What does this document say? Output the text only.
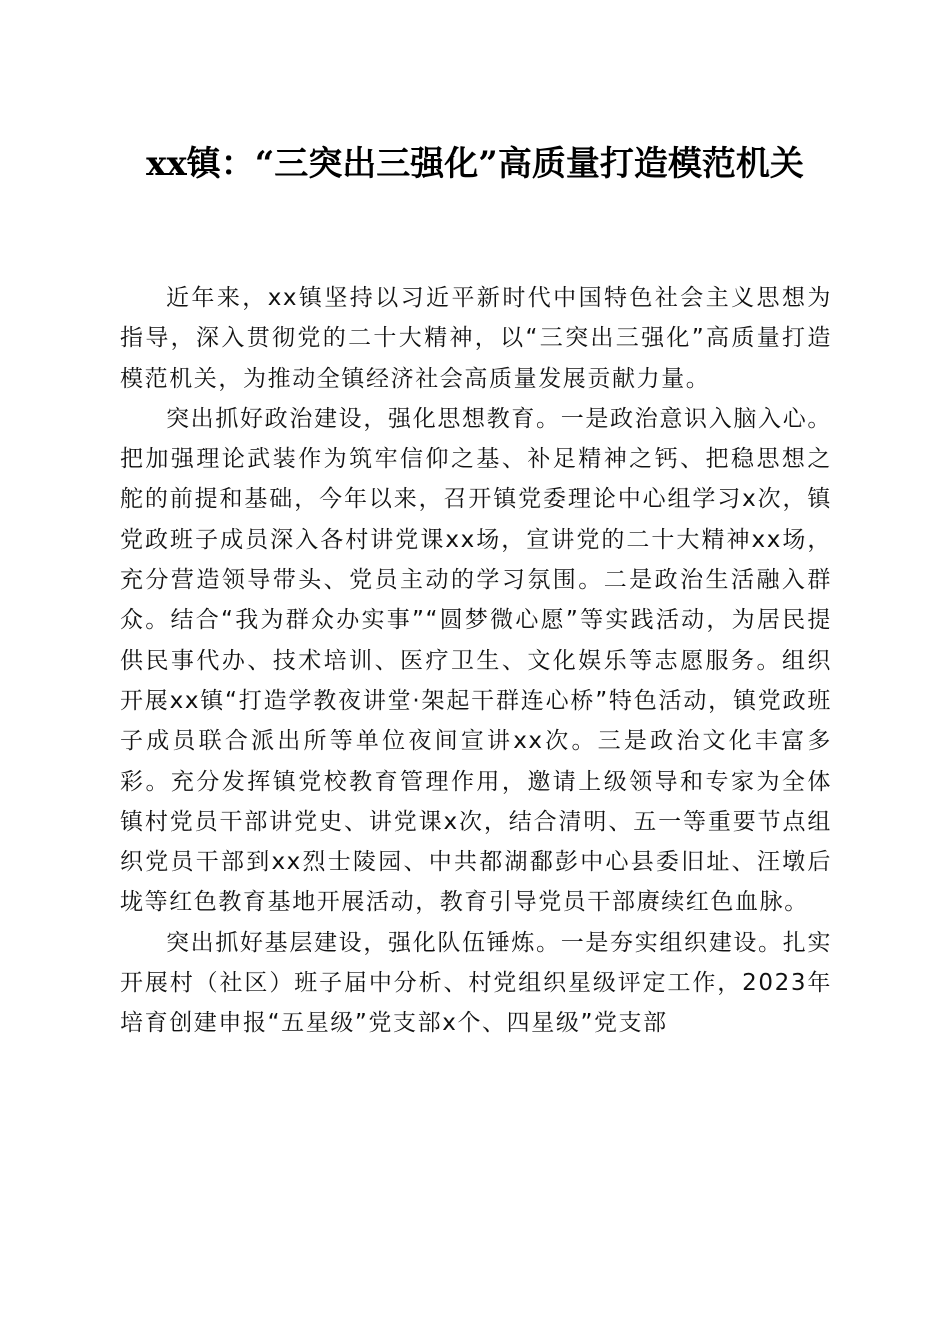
xx镇：“三突出三强化”高质量打造模范机关

近年来，xx镇坚持以习近平新时代中国特色社会主义思想为指导，深入贯彻党的二十大精神，以“三突出三强化”高质量打造模范机关，为推动全镇经济社会高质量发展贡献力量。

突出抓好政治建设，强化思想教育。一是政治意识入脑入心。把加强理论武装作为筑牢信仰之基、补足精神之钙、把稳思想之舵的前提和基础，今年以来，召开镇党委理论中心组学习x次，镇党政班子成员深入各村讲党课xx场，宣讲党的二十大精神xx场，充分营造领导带头、党员主动的学习氛围。二是政治生活融入群众。结合“我为群众办实事”“圆梦微心愿”等实践活动，为居民提供民事代办、技术培训、医疗卫生、文化娱乐等志愿服务。组织开展xx镇“打造学教夜讲堂·架起干群连心桥”特色活动，镇党政班子成员联合派出所等单位夜间宣讲xx次。三是政治文化丰富多彩。充分发挥镇党校教育管理作用，邀请上级领导和专家为全体镇村党员干部讲党史、讲党课x次，结合清明、五一等重要节点组织党员干部到xx烈士陵园、中共都湖鄱彭中心县委旧址、汪墩后垅等红色教育基地开展活动，教育引导党员干部赓续红色血脉。

突出抓好基层建设，强化队伍锤炼。一是夯实组织建设。扎实开展村（社区）班子届中分析、村党组织星级评定工作，2023年培育创建申报“五星级”党支部x个、四星级”党支部
